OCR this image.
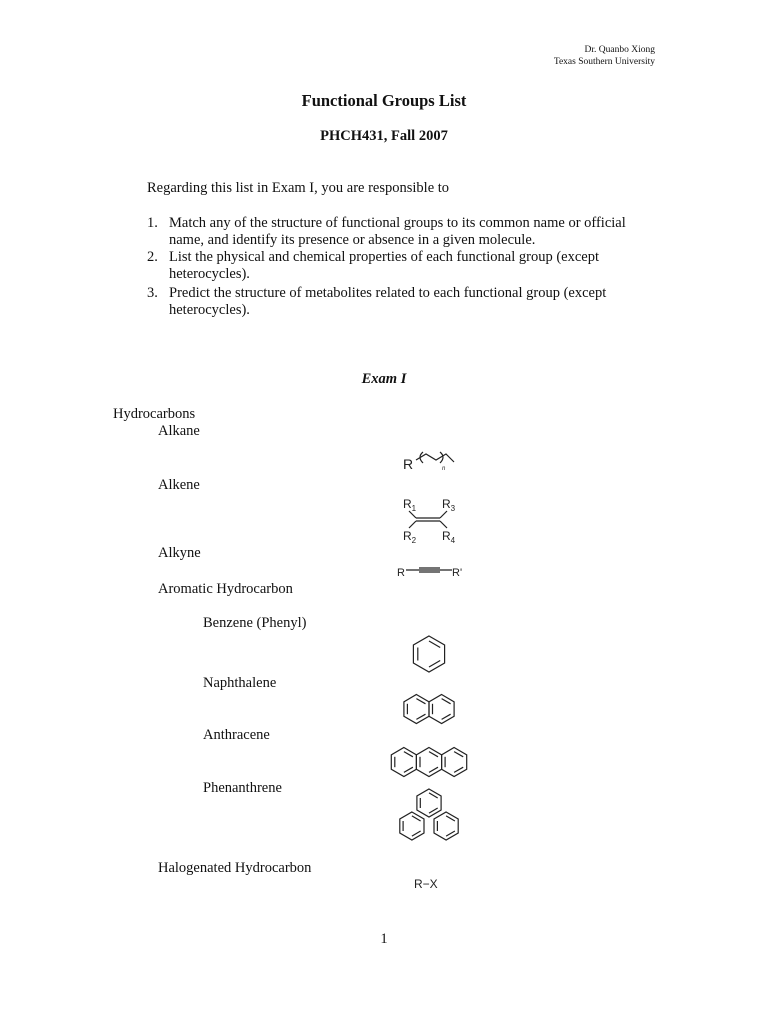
Dr. Quanbo Xiong
Texas Southern University
Functional Groups List
PHCH431, Fall 2007
Regarding this list in Exam I, you are responsible to
1. Match any of the structure of functional groups to its common name or official name, and identify its presence or absence in a given molecule.
2. List the physical and chemical properties of each functional group (except heterocycles).
3. Predict the structure of metabolites related to each functional group (except heterocycles).
Exam I
Hydrocarbons
Alkane
Alkene
Alkyne
Aromatic Hydrocarbon
Benzene (Phenyl)
Naphthalene
Anthracene
Phenanthrene
Halogenated Hydrocarbon
R	n
$R_1$ $R_3$
$R_2$ $R_4$
R	R'
R−X
1
